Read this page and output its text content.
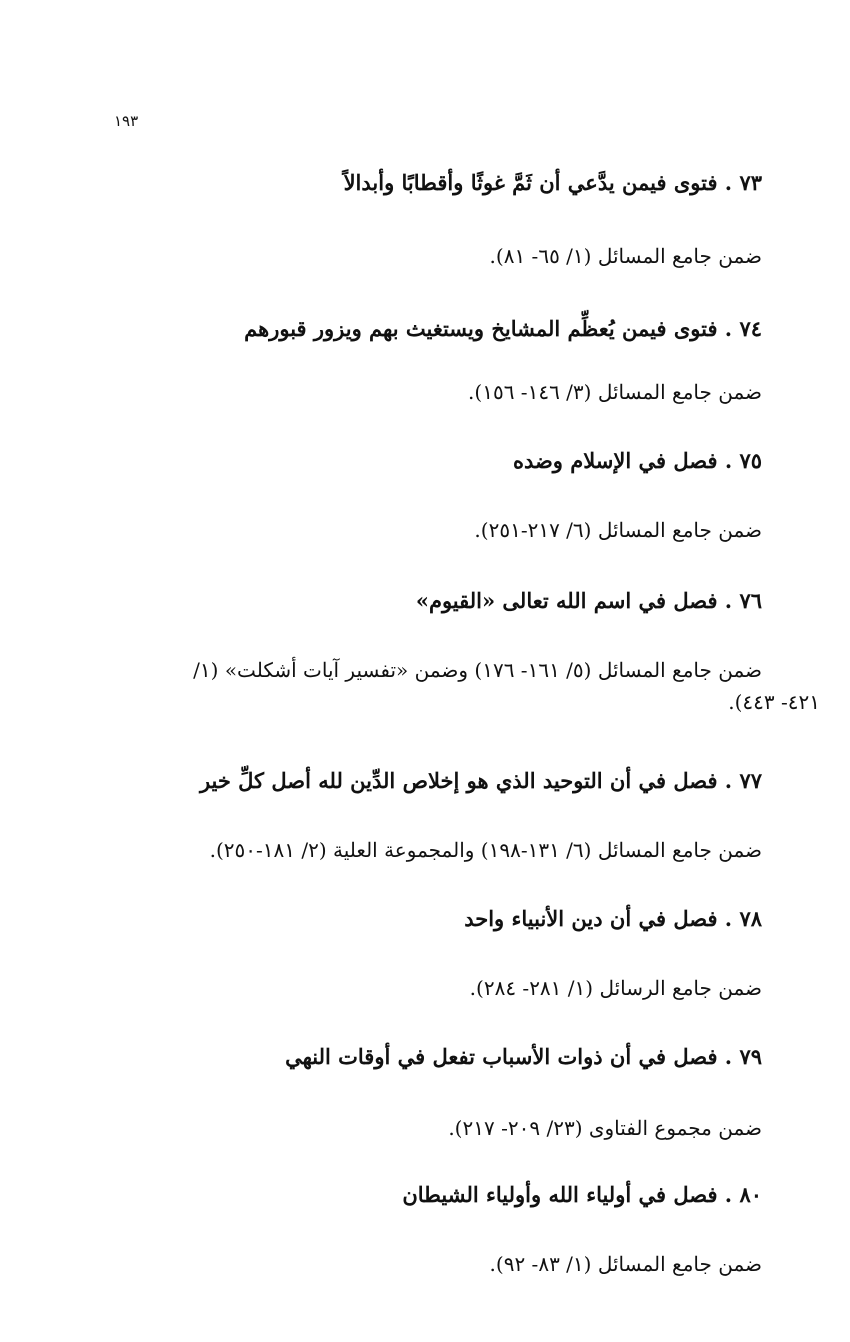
١٩٣
٧٣ . فتوى فيمن يدَّعي أن ثَمَّ غوثًا وأقطابًا وأبدالاً
ضمن جامع المسائل (١/ ٦٥- ٨١).
٧٤ . فتوى فيمن يُعظِّم المشايخ ويستغيث بهم ويزور قبورهم
ضمن جامع المسائل (٣/ ١٤٦- ١٥٦).
٧٥ . فصل في الإسلام وضده
ضمن جامع المسائل (٦/ ٢١٧-٢٥١).
٧٦ . فصل في اسم الله تعالى «القيوم»
ضمن جامع المسائل (٥/ ١٦١- ١٧٦) وضمن «تفسير آيات أشكلت» (١/
٤٢١- ٤٤٣).
٧٧ . فصل في أن التوحيد الذي هو إخلاص الدِّين لله أصل كلِّ خير
ضمن جامع المسائل (٦/ ١٣١-١٩٨) والمجموعة العلية (٢/ ١٨١-٢٥٠).
٧٨ . فصل في أن دين الأنبياء واحد
ضمن جامع الرسائل (١/ ٢٨١- ٢٨٤).
٧٩ . فصل في أن ذوات الأسباب تفعل في أوقات النهي
ضمن مجموع الفتاوى (٢٣/ ٢٠٩- ٢١٧).
٨٠ . فصل في أولياء الله وأولياء الشيطان
ضمن جامع المسائل (١/ ٨٣- ٩٢).
